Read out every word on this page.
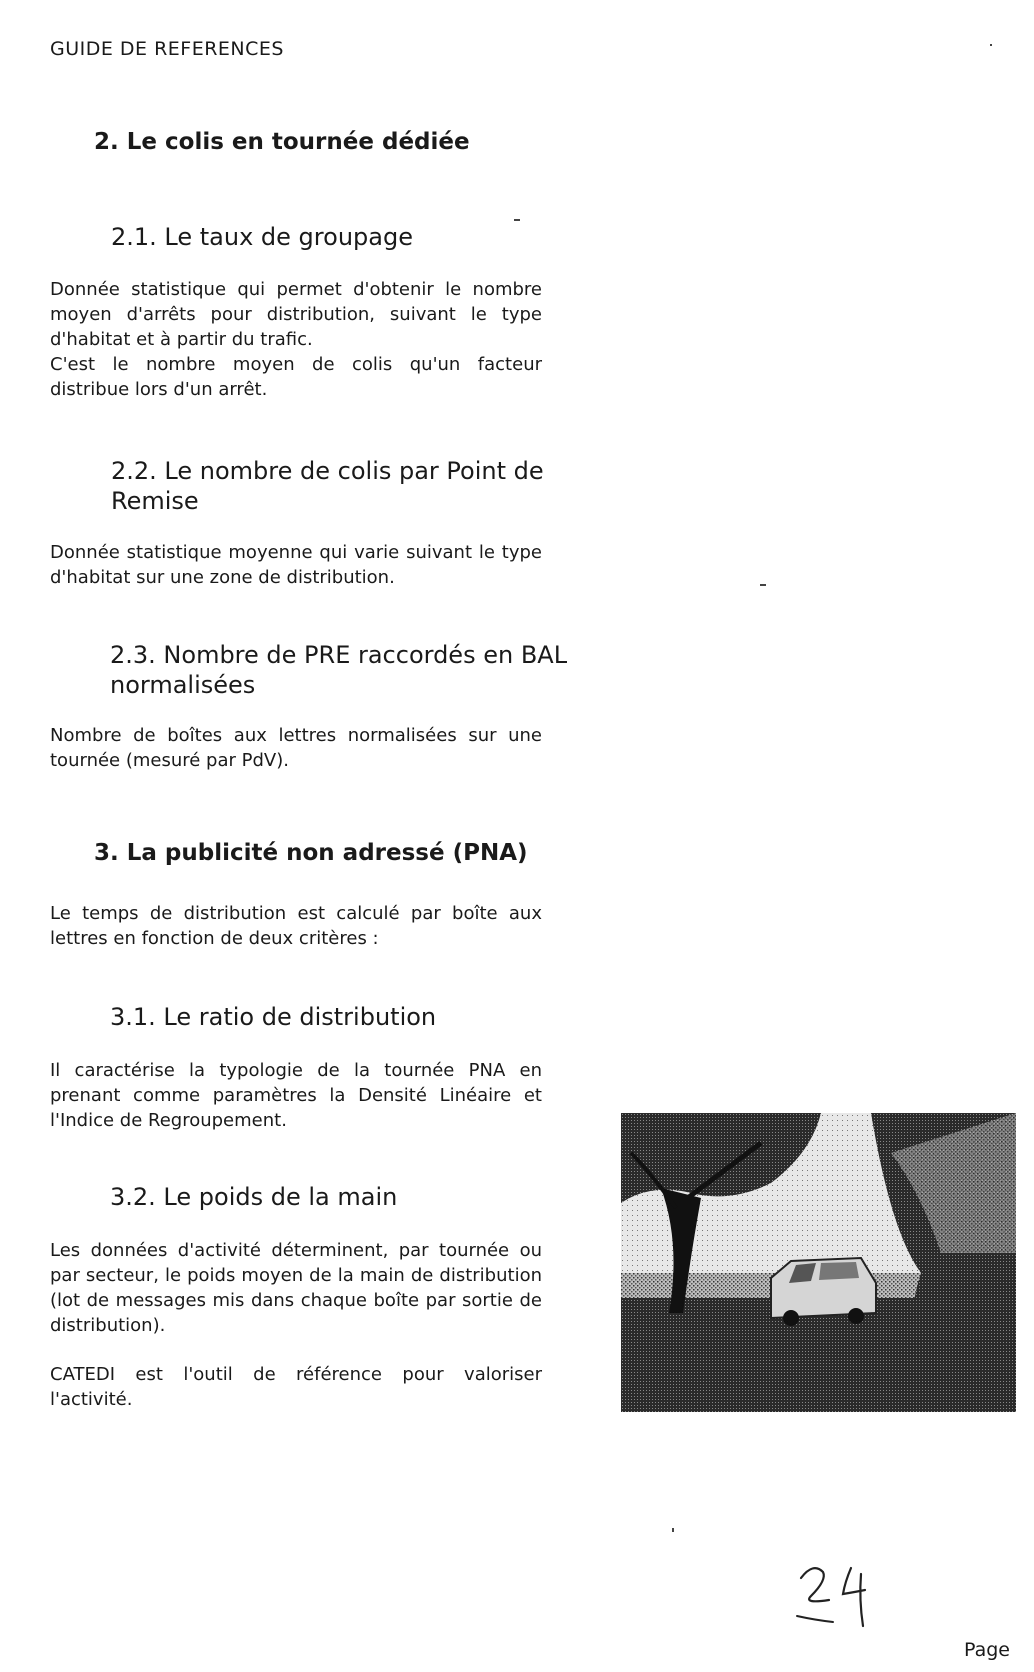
GUIDE DE REFERENCES
2. Le colis en tournée dédiée
2.1. Le taux de groupage
Donnée statistique qui permet d'obtenir le nombre moyen d'arrêts pour distribution, suivant le type d'habitat et à partir du trafic.
C'est le nombre moyen de colis qu'un facteur distribue lors d'un arrêt.
2.2. Le nombre de colis par Point de
Remise
Donnée statistique moyenne qui varie suivant le type d'habitat sur une zone de distribution.
2.3. Nombre de PRE raccordés en BAL
normalisées
Nombre de boîtes aux lettres normalisées sur une tournée (mesuré par PdV).
3. La publicité non adressé (PNA)
Le temps de distribution est calculé par boîte aux lettres en fonction de deux critères :
3.1. Le ratio de distribution
Il caractérise la typologie de la tournée PNA en prenant comme paramètres la Densité Linéaire et l'Indice de Regroupement.
3.2. Le poids de la main
Les données d'activité déterminent, par tournée ou par secteur, le poids moyen de la main de distribution (lot de messages mis dans chaque boîte par sortie de distribution).
CATEDI est l'outil de référence pour valoriser l'activité.
Page
